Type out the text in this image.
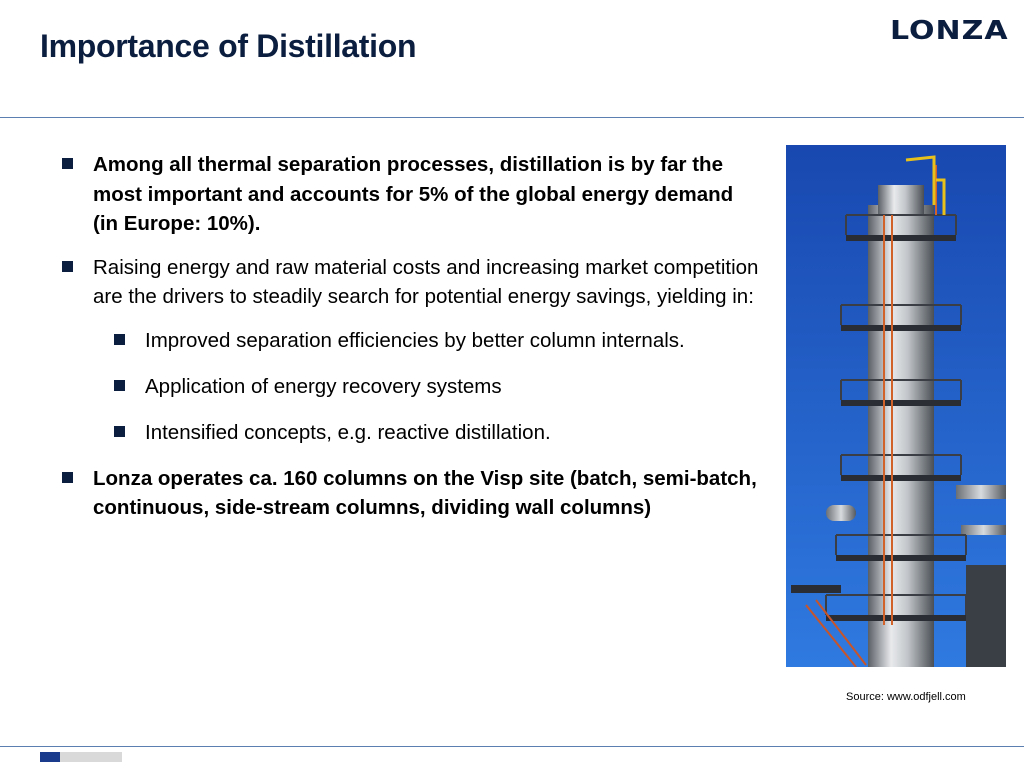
Importance of Distillation	LONZA
Among all thermal separation processes, distillation is by far the most important and accounts for 5% of the global energy demand (in Europe: 10%).
Raising energy and raw material costs and increasing market competition are the drivers to steadily search for potential energy savings, yielding in:
Improved separation efficiencies by better column internals.
Application of energy recovery systems
Intensified concepts, e.g. reactive distillation.
Lonza operates ca. 160 columns on the Visp site (batch, semi-batch, continuous, side-stream columns, dividing wall columns)
Source: www.odfjell.com
